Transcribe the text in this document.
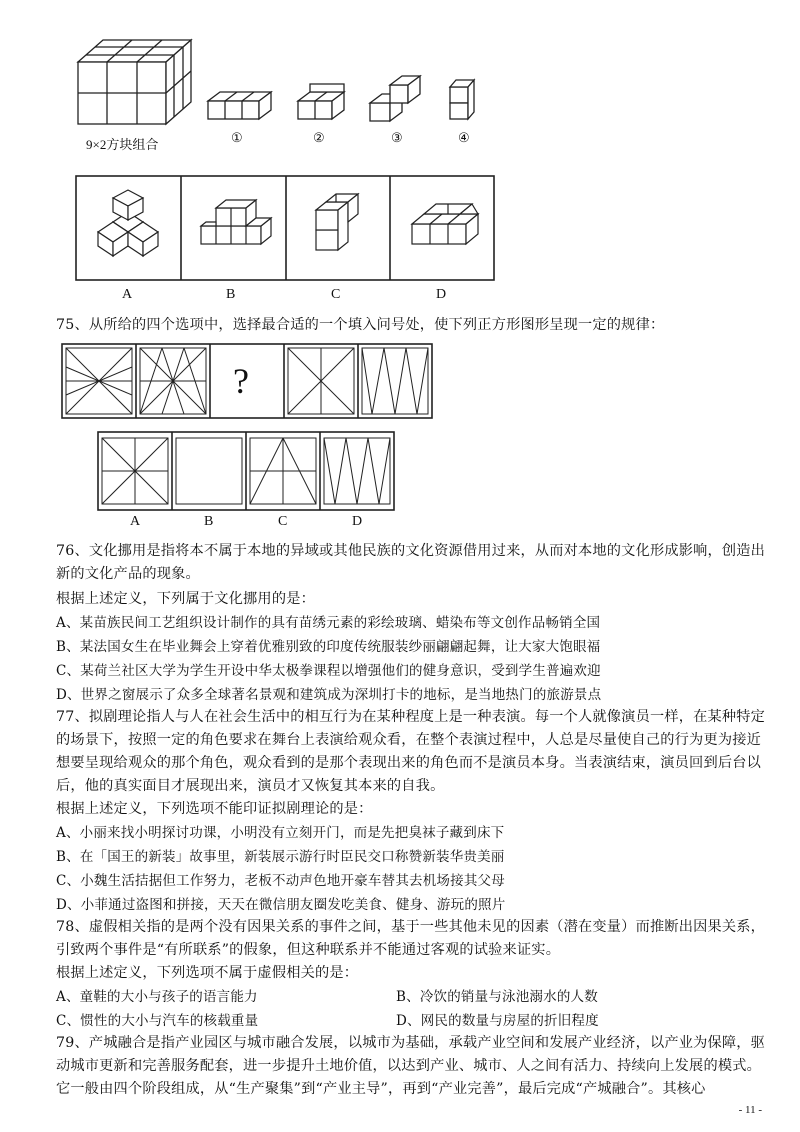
9×2方块组合	①	②	③	④
A	B	C	D
75、从所给的四个选项中，选择最合适的一个填入问号处，使下列正方形图形呈现一定的规律：
?
A	B	C	D
76、文化挪用是指将本不属于本地的异域或其他民族的文化资源借用过来，从而对本地的文化形成影响，创造出
新的文化产品的现象。
根据上述定义，下列属于文化挪用的是：
A、某苗族民间工艺组织设计制作的具有苗绣元素的彩绘玻璃、蜡染布等文创作品畅销全国
B、某法国女生在毕业舞会上穿着优雅别致的印度传统服装纱丽翩翩起舞，让大家大饱眼福
C、某荷兰社区大学为学生开设中华太极拳课程以增强他们的健身意识，受到学生普遍欢迎
D、世界之窗展示了众多全球著名景观和建筑成为深圳打卡的地标，是当地热门的旅游景点
77、拟剧理论指人与人在社会生活中的相互行为在某种程度上是一种表演。每一个人就像演员一样，在某种特定
的场景下，按照一定的角色要求在舞台上表演给观众看，在整个表演过程中，人总是尽量使自己的行为更为接近
想要呈现给观众的那个角色，观众看到的是那个表现出来的角色而不是演员本身。当表演结束，演员回到后台以
后，他的真实面目才展现出来，演员才又恢复其本来的自我。
根据上述定义，下列选项不能印证拟剧理论的是：
A、小丽来找小明探讨功课，小明没有立刻开门，而是先把臭袜子藏到床下
B、在「国王的新装」故事里，新装展示游行时臣民交口称赞新装华贵美丽
C、小魏生活拮据但工作努力，老板不动声色地开豪车替其去机场接其父母
D、小菲通过盗图和拼接，天天在微信朋友圈发吃美食、健身、游玩的照片
78、虚假相关指的是两个没有因果关系的事件之间，基于一些其他未见的因素（潜在变量）而推断出因果关系，
引致两个事件是“有所联系”的假象，但这种联系并不能通过客观的试验来证实。
根据上述定义，下列选项不属于虚假相关的是：
A、童鞋的大小与孩子的语言能力	B、冷饮的销量与泳池溺水的人数
C、惯性的大小与汽车的核载重量	D、网民的数量与房屋的折旧程度
79、产城融合是指产业园区与城市融合发展，以城市为基础，承载产业空间和发展产业经济，以产业为保障，驱
动城市更新和完善服务配套，进一步提升土地价值，以达到产业、城市、人之间有活力、持续向上发展的模式。
它一般由四个阶段组成，从“生产聚集”到“产业主导”，再到“产业完善”，最后完成“产城融合”。其核心
- 11 -
